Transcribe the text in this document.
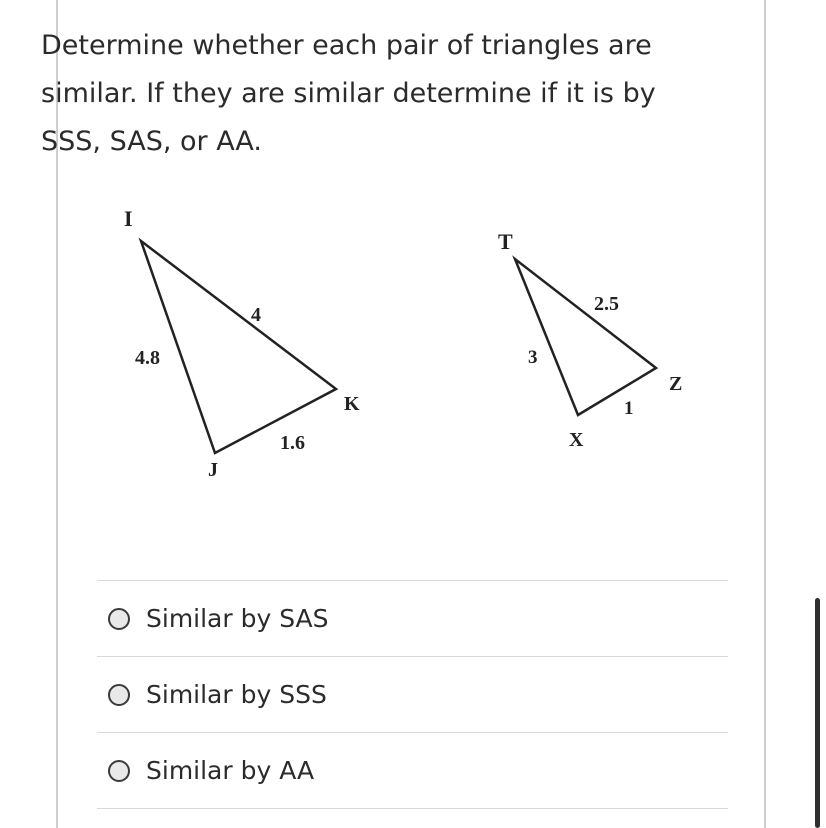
Determine whether each pair of triangles are
similar. If they are similar determine if it is by
SSS, SAS, or AA.
I
J
K
4.8
4
1.6
T
X
Z
3
2.5
1
Similar by SAS
Similar by SSS
Similar by AA
